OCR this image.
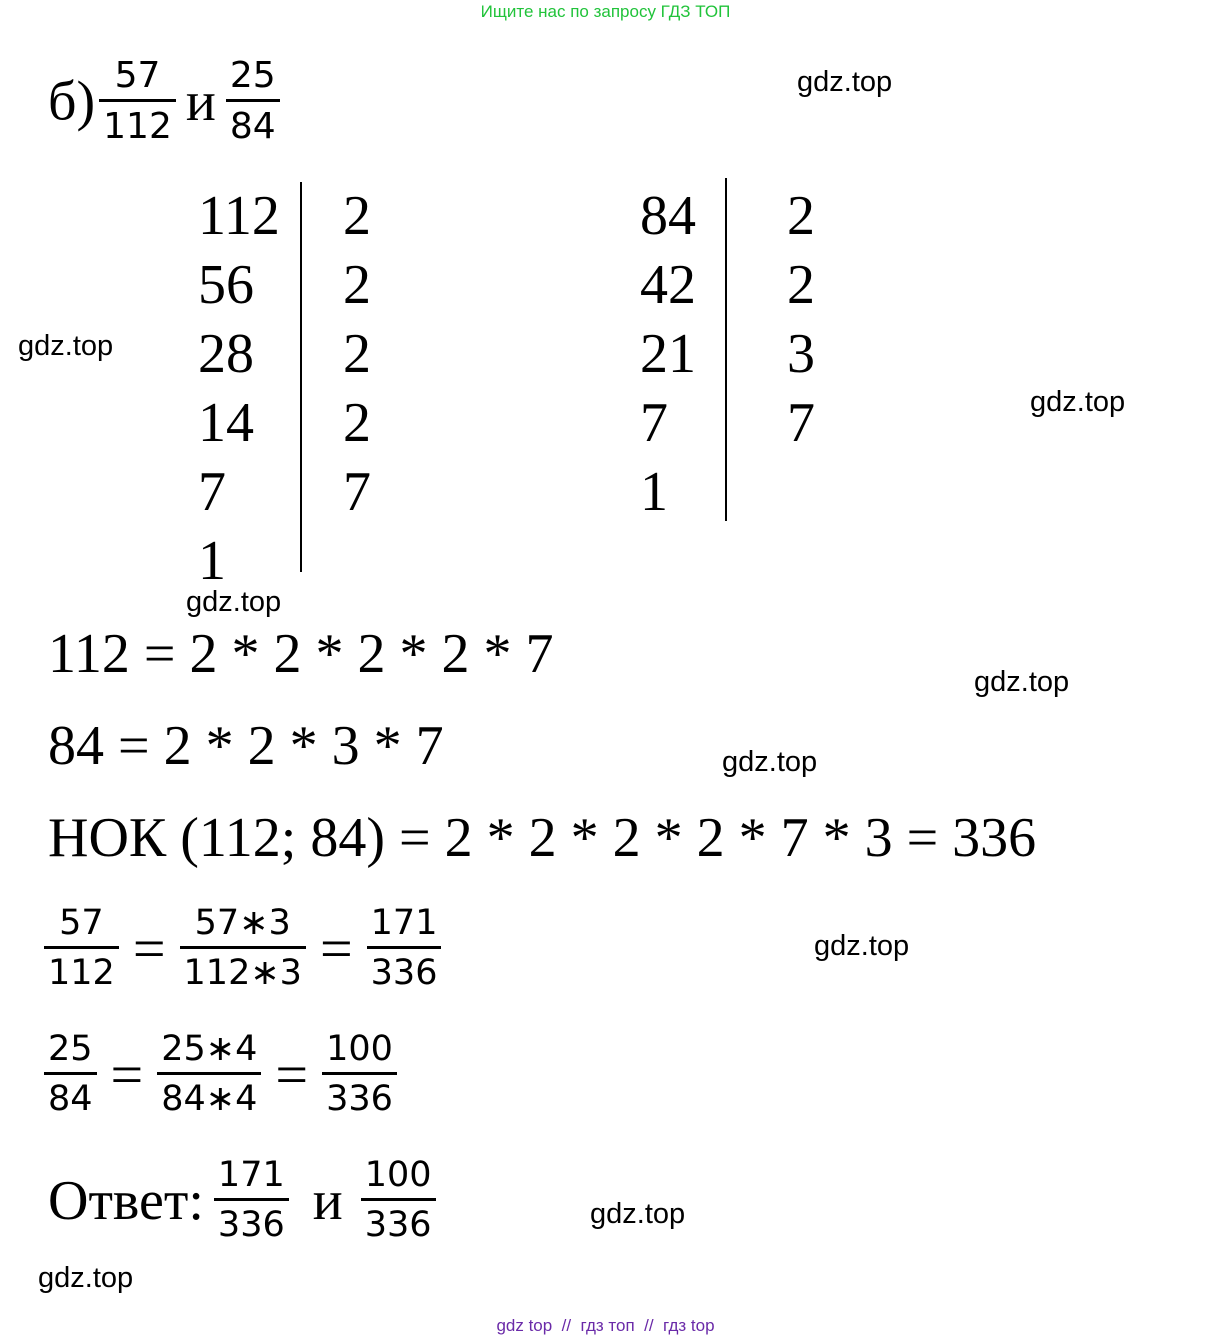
Ищите нас по запросу ГДЗ ТОП
$б) \frac{57}{112}$ и $\frac{25}{84}$
112
56
28
14
7
1
2
2
2
2
7
84
42
21
7
1
2
2
3
7
112 = 2 * 2 * 2 * 2 * 7
84 = 2 * 2 * 3 * 7
НОК (112; 84) = 2 * 2 * 2 * 2 * 7 * 3 = 336
$\frac{57}{112} = \frac{57∗3}{112∗3} = \frac{171}{336}$
$\frac{25}{84} = \frac{25∗4}{84∗4} = \frac{100}{336}$
Ответ: $\frac{171}{336}$ и $\frac{100}{336}$
gdz.top
gdz.top
gdz.top
gdz.top
gdz.top
gdz.top
gdz.top
gdz.top
gdz.top
gdz top  //  гдз топ  //  гдз top
